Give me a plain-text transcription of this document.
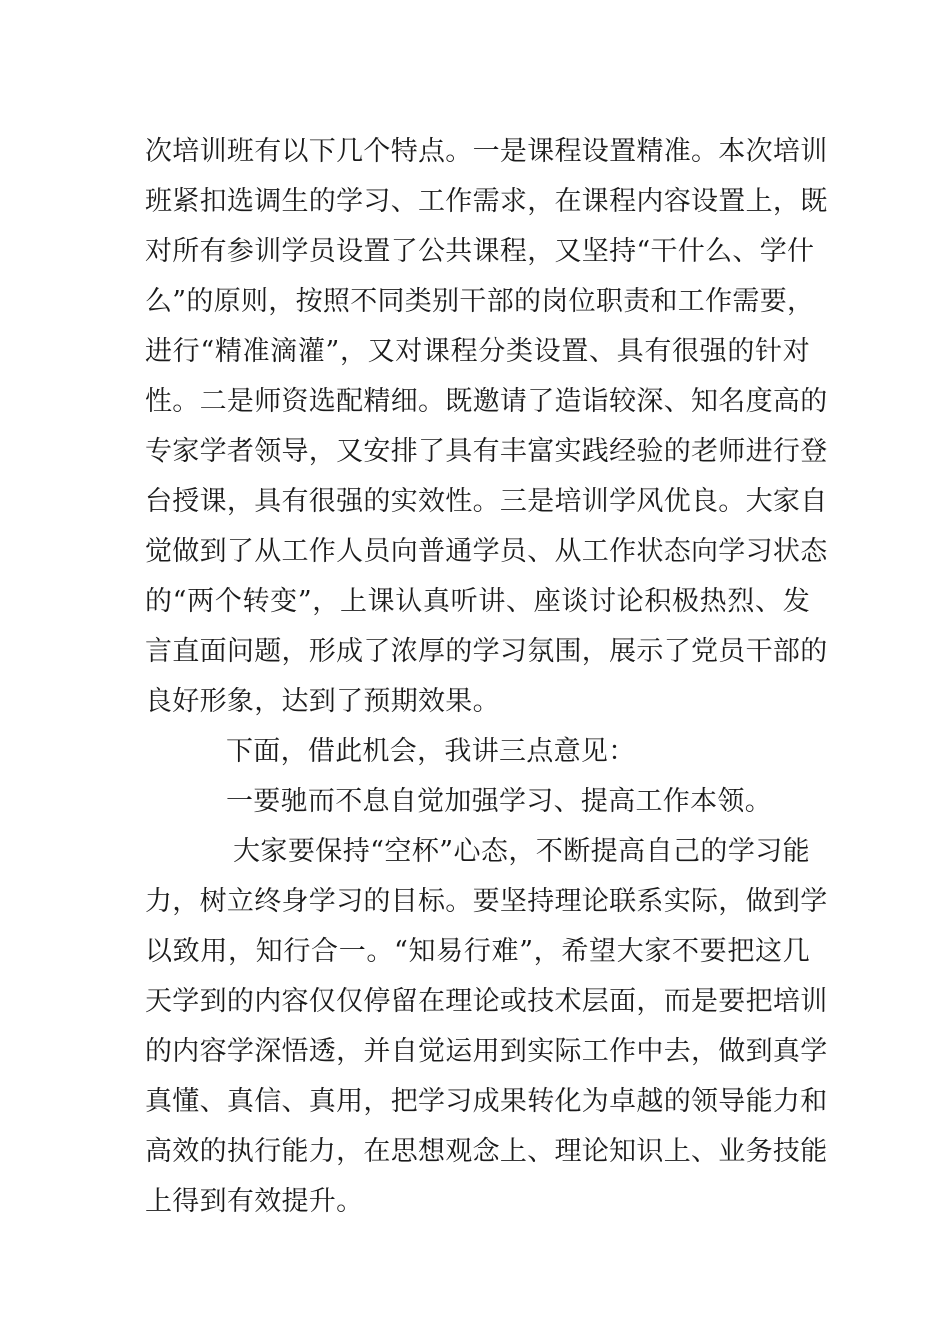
次培训班有以下几个特点。一是课程设置精准。本次培训
班紧扣选调生的学习、工作需求，在课程内容设置上，既
对所有参训学员设置了公共课程，又坚持“干什么、学什
么”的原则，按照不同类别干部的岗位职责和工作需要，
进行“精准滴灌”，又对课程分类设置、具有很强的针对
性。二是师资选配精细。既邀请了造诣较深、知名度高的
专家学者领导，又安排了具有丰富实践经验的老师进行登
台授课，具有很强的实效性。三是培训学风优良。大家自
觉做到了从工作人员向普通学员、从工作状态向学习状态
的“两个转变”，上课认真听讲、座谈讨论积极热烈、发
言直面问题，形成了浓厚的学习氛围，展示了党员干部的
良好形象，达到了预期效果。

下面，借此机会，我讲三点意见：

一要驰而不息自觉加强学习、提高工作本领。

大家要保持“空杯”心态，不断提高自己的学习能
力，树立终身学习的目标。要坚持理论联系实际，做到学
以致用，知行合一。“知易行难”，希望大家不要把这几
天学到的内容仅仅停留在理论或技术层面，而是要把培训
的内容学深悟透，并自觉运用到实际工作中去，做到真学
真懂、真信、真用，把学习成果转化为卓越的领导能力和
高效的执行能力，在思想观念上、理论知识上、业务技能
上得到有效提升。
